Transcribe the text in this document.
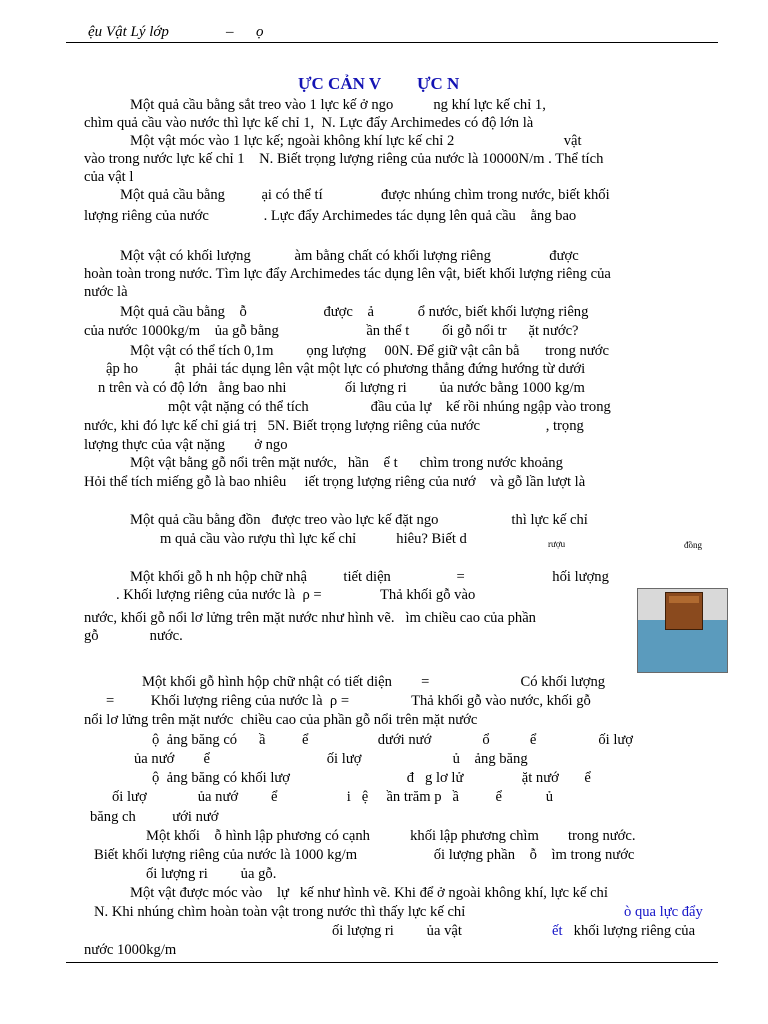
ệu Vật Lý lớp	– ọ
ỰC CẢN V ỰC N
Một quả cầu bằng sắt treo vào 1 lực kế ở ngo           ng khí lực kế chỉ 1,
chìm quả cầu vào nước thì lực kế chỉ 1,  N. Lực đẩy Archimedes có độ lớn là
Một vật móc vào 1 lực kế; ngoài không khí lực kế chỉ 2                              vật
vào trong nước lực kế chỉ 1    N. Biết trọng lượng riêng của nước là 10000N/m . Thể tích
của vật l
Một quả cầu bằng          ại có thể tí                được nhúng chìm trong nước, biết khối
lượng riêng của nước               . Lực đẩy Archimedes tác dụng lên quả cầu    ằng bao
Một vật có khối lượng            àm bằng chất có khối lượng riêng                được
hoàn toàn trong nước. Tìm lực đẩy Archimedes tác dụng lên vật, biết khối lượng riêng của
nước là
Một quả cầu bằng    ỗ                     được    ả            ổ nước, biết khối lượng riêng
của nước 1000kg/m    ủa gỗ bằng                        ần thể t         ối gỗ nổi tr      ặt nước?
Một vật có thể tích 0,1m         ọng lượng     00N. Để giữ vật cân bằ       trong nước
ập ho          ật  phải tác dụng lên vật một lực có phương thẳng đứng hướng từ dưới
n trên và có độ lớn   ằng bao nhi                ối lượng ri         ủa nước bằng 1000 kg/m
một vật nặng có thể tích                 đầu của lự    kế rồi nhúng ngập vào trong
nước, khi đó lực kế chỉ giá trị   5N. Biết trọng lượng riêng của nước                  , trọng
lượng thực của vật nặng        ở ngo
Một vật bằng gỗ nổi trên mặt nước,   hần    ể t      chìm trong nước khoảng
Hỏi thể tích miếng gỗ là bao nhiêu     iết trọng lượng riêng của nướ    và gỗ lần lượt là
Một quả cầu bằng đồn   được treo vào lực kế đặt ngo                    thì lực kế chỉ
m quả cầu vào rượu thì lực kế chỉ           hiêu? Biết d
Một khối gỗ h nh hộp chữ nhậ          tiết diện                  =                        hối lượng
. Khối lượng riêng của nước là  ρ =                Thả khối gỗ vào
nước, khối gỗ nổi lơ lửng trên mặt nước như hình vẽ.   ìm chiều cao của phần
gỗ              nước.
Một khối gỗ hình hộp chữ nhật có tiết diện        =                         Có khối lượng
=          Khối lượng riêng của nước là  ρ =                 Thả khối gỗ vào nước, khối gỗ
nổi lơ lửng trên mặt nước  chiều cao của phần gỗ nổi trên mặt nước
ộ  ảng băng có      ầ          ể                   dưới nướ              ổ           ể                 ối lượ
ủa nướ        ể                                ối lượ                         ủ    ảng băng
ộ  ảng băng có khối lượ                                đ   g lơ lử                ặt nướ       ể
ối lượ              ủa nướ         ể                   i   ệ     ần trăm p   ầ          ể            ủ
băng ch          ưới nướ
Một khối    ỗ hình lập phương có cạnh           khối lập phương chìm        trong nước.
Biết khối lượng riêng của nước là 1000 kg/m                     ối lượng phần    ỗ    ìm trong nước
ối lượng ri         ủa gỗ.
Một vật được móc vào    lự   kế như hình vẽ. Khi để ở ngoài không khí, lực kế chỉ
N. Khi nhúng chìm hoàn toàn vật trong nước thì thấy lực kế chỉ
ối lượng ri         ủa vật
nước 1000kg/m
rượu	đồng
ò qua lực đẩy
ết khối lượng riêng của
